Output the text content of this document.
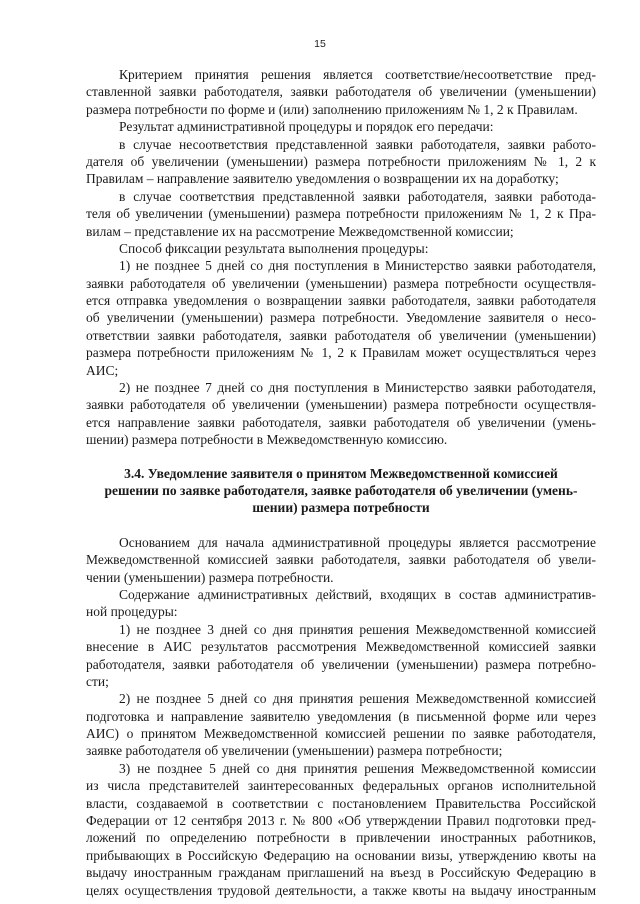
15
Критерием принятия решения является соответствие/несоответствие пред-
ставленной заявки работодателя, заявки работодателя об увеличении (уменьшении)
размера потребности по форме и (или) заполнению приложениям № 1, 2 к Правилам.
Результат административной процедуры и порядок его передачи:
в случае несоответствия представленной заявки работодателя, заявки работо-
дателя об увеличении (уменьшении) размера потребности приложениям № 1, 2 к
Правилам – направление заявителю уведомления о возвращении их на доработку;
в случае соответствия представленной заявки работодателя, заявки работода-
теля об увеличении (уменьшении) размера потребности приложениям № 1, 2 к Пра-
вилам – представление их на рассмотрение Межведомственной комиссии;
Способ фиксации результата выполнения процедуры:
1) не позднее 5 дней со дня поступления в Министерство заявки работодателя,
заявки работодателя об увеличении (уменьшении) размера потребности осуществля-
ется отправка уведомления о возвращении заявки работодателя, заявки работодателя
об увеличении (уменьшении) размера потребности. Уведомление заявителя о несо-
ответствии заявки работодателя, заявки работодателя об увеличении (уменьшении)
размера потребности приложениям № 1, 2 к Правилам может осуществляться через
АИС;
2) не позднее 7 дней со дня поступления в Министерство заявки работодателя,
заявки работодателя об увеличении (уменьшении) размера потребности осуществля-
ется направление заявки работодателя, заявки работодателя об увеличении (умень-
шении) размера потребности в Межведомственную комиссию.
3.4. Уведомление заявителя о принятом Межведомственной комиссией
решении по заявке работодателя, заявке работодателя об увеличении (умень-
шении) размера потребности
Основанием для начала административной процедуры является рассмотрение
Межведомственной комиссией заявки работодателя, заявки работодателя об увели-
чении (уменьшении) размера потребности.
Содержание административных действий, входящих в состав административ-
ной процедуры:
1) не позднее 3 дней со дня принятия решения Межведомственной комиссией
внесение в АИС результатов рассмотрения Межведомственной комиссией заявки
работодателя, заявки работодателя об увеличении (уменьшении) размера потребно-
сти;
2) не позднее 5 дней со дня принятия решения Межведомственной комиссией
подготовка и направление заявителю уведомления (в письменной форме или через
АИС) о принятом Межведомственной комиссией решении по заявке работодателя,
заявке работодателя об увеличении (уменьшении) размера потребности;
3) не позднее 5 дней со дня принятия решения Межведомственной комиссии
из числа представителей заинтересованных федеральных органов исполнительной
власти, создаваемой в соответствии с постановлением Правительства Российской
Федерации от 12 сентября 2013 г. № 800 «Об утверждении Правил подготовки пред-
ложений по определению потребности в привлечении иностранных работников,
прибывающих в Российскую Федерацию на основании визы, утверждению квоты на
выдачу иностранным гражданам приглашений на въезд в Российскую Федерацию в
целях осуществления трудовой деятельности, а также квоты на выдачу иностранным
